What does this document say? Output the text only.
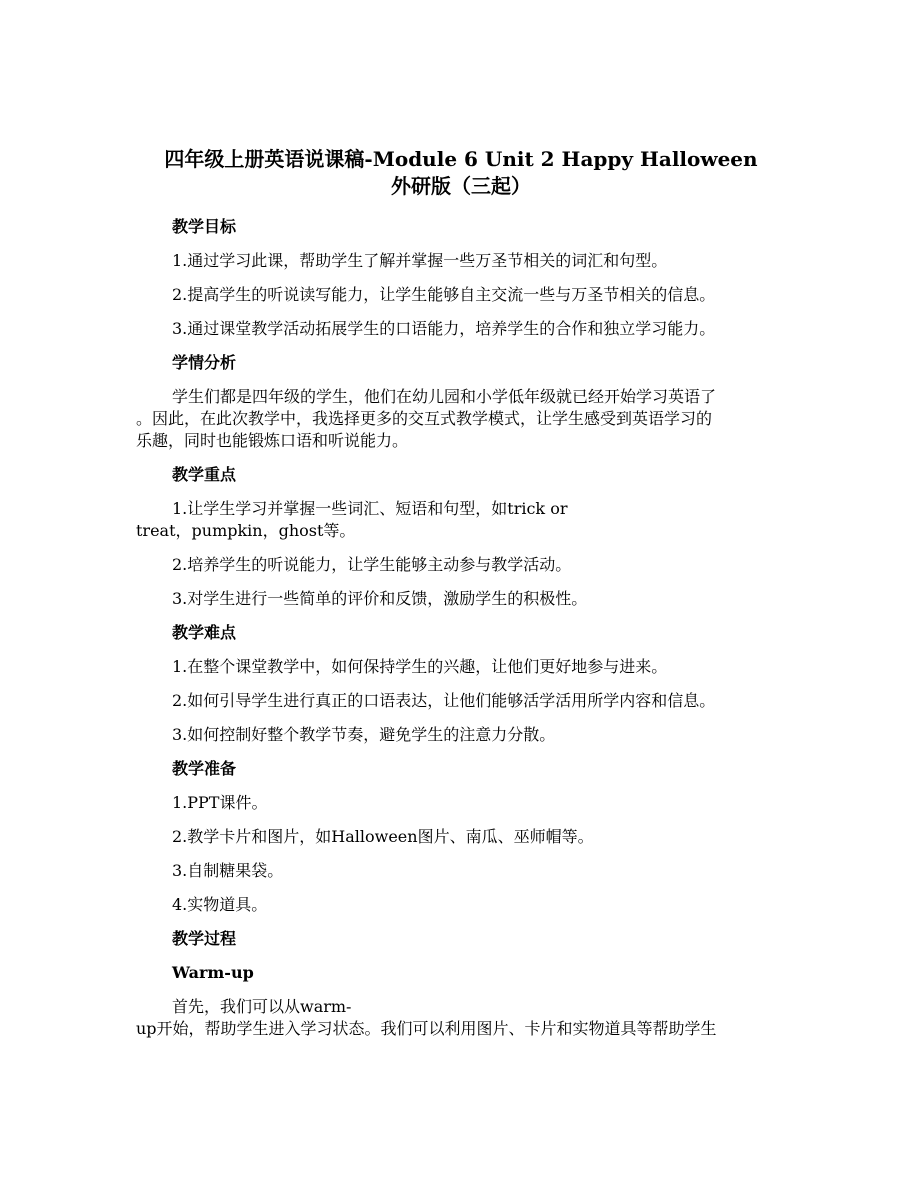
四年级上册英语说课稿-Module 6 Unit 2 Happy Halloween
外研版（三起）
教学目标
1.通过学习此课，帮助学生了解并掌握一些万圣节相关的词汇和句型。
2.提高学生的听说读写能力，让学生能够自主交流一些与万圣节相关的信息。
3.通过课堂教学活动拓展学生的口语能力，培养学生的合作和独立学习能力。
学情分析
学生们都是四年级的学生，他们在幼儿园和小学低年级就已经开始学习英语了
。因此，在此次教学中，我选择更多的交互式教学模式，让学生感受到英语学习的
乐趣，同时也能锻炼口语和听说能力。
教学重点
1.让学生学习并掌握一些词汇、短语和句型，如trick or
treat，pumpkin，ghost等。
2.培养学生的听说能力，让学生能够主动参与教学活动。
3.对学生进行一些简单的评价和反馈，激励学生的积极性。
教学难点
1.在整个课堂教学中，如何保持学生的兴趣，让他们更好地参与进来。
2.如何引导学生进行真正的口语表达，让他们能够活学活用所学内容和信息。
3.如何控制好整个教学节奏，避免学生的注意力分散。
教学准备
1.PPT课件。
2.教学卡片和图片，如Halloween图片、南瓜、巫师帽等。
3.自制糖果袋。
4.实物道具。
教学过程
Warm-up
首先，我们可以从warm-
up开始，帮助学生进入学习状态。我们可以利用图片、卡片和实物道具等帮助学生
